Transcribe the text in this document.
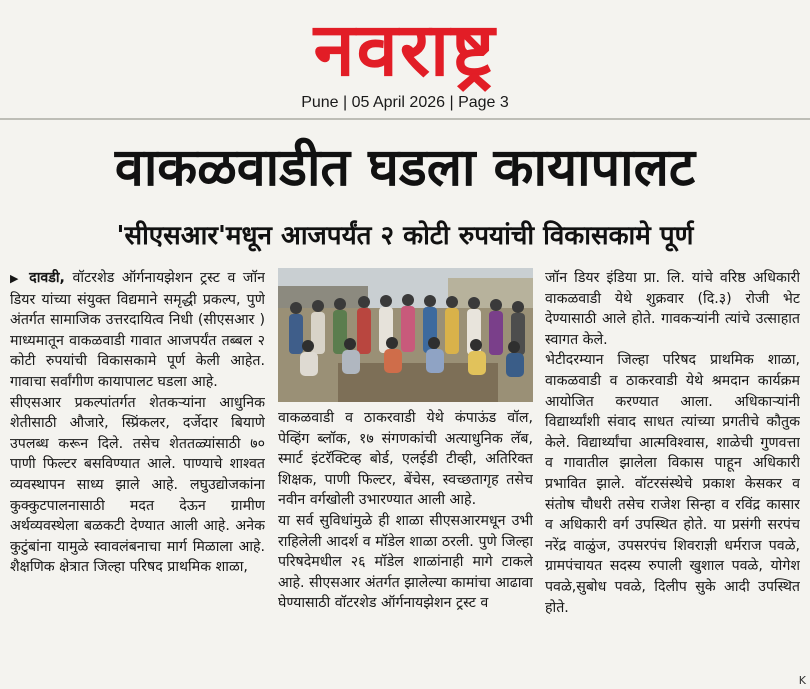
नवराष्ट्र
Pune | 05 April 2026 | Page 3
वाकळवाडीत घडला कायापालट
'सीएसआर'मधून आजपर्यंत २ कोटी रुपयांची विकासकामे पूर्ण

▶ दावडी, वॉटरशेड ऑर्गनायझेशन ट्रस्ट व जॉन डियर यांच्या संयुक्त विद्यमाने समृद्धी प्रकल्प, पुणे अंतर्गत सामाजिक उत्तरदायित्व निधी (सीएसआर ) माध्यमातून वाकळवाडी गावात आजपर्यंत तब्बल २ कोटी रुपयांची विकासकामे पूर्ण केली आहेत. गावाचा सर्वांगीण कायापालट घडला आहे.

सीएसआर प्रकल्पांतर्गत शेतकऱ्यांना आधुनिक शेतीसाठी औजारे, स्प्रिंकलर, दर्जेदार बियाणे उपलब्ध करून दिले. तसेच शेततळ्यांसाठी ७० पाणी फिल्टर बसविण्यात आले. पाण्याचे शाश्वत व्यवस्थापन साध्य झाले आहे. लघुउद्योजकांना कुक्कुटपालनासाठी मदत देऊन ग्रामीण अर्थव्यवस्थेला बळकटी देण्यात आली आहे. अनेक कुटुंबांना यामुळे स्वावलंबनाचा मार्ग मिळाला आहे. शैक्षणिक क्षेत्रात जिल्हा परिषद प्राथमिक शाळा,

वाकळवाडी व ठाकरवाडी येथे कंपाऊंड वॉल, पेव्हिंग ब्लॉक, १७ संगणकांची अत्याधुनिक लॅब, स्मार्ट इंटरॅक्टिव्ह बोर्ड, एलईडी टीव्ही, अतिरिक्त शिक्षक, पाणी फिल्टर, बेंचेस, स्वच्छतागृह तसेच नवीन वर्गखोली उभारण्यात आली आहे.

या सर्व सुविधांमुळे ही शाळा सीएसआरमधून उभी राहिलेली आदर्श व मॉडेल शाळा ठरली. पुणे जिल्हा परिषदेमधील २६ मॉडेल शाळांनाही मागे टाकले आहे. सीएसआर अंतर्गत झालेल्या कामांचा आढावा घेण्यासाठी वॉटरशेड ऑर्गनायझेशन ट्रस्ट व

जॉन डियर इंडिया प्रा. लि. यांचे वरिष्ठ अधिकारी वाकळवाडी येथे शुक्रवार (दि.३) रोजी भेट देण्यासाठी आले होते. गावकऱ्यांनी त्यांचे उत्साहात स्वागत केले.

भेटीदरम्यान जिल्हा परिषद प्राथमिक शाळा, वाकळवाडी व ठाकरवाडी येथे श्रमदान कार्यक्रम आयोजित करण्यात आला. अधिकाऱ्यांनी विद्यार्थ्यांशी संवाद साधत त्यांच्या प्रगतीचे कौतुक केले. विद्यार्थ्यांचा आत्मविश्वास, शाळेची गुणवत्ता व गावातील झालेला विकास पाहून अधिकारी प्रभावित झाले. वॉटरसंस्थेचे प्रकाश केसकर व संतोष चौधरी तसेच राजेश सिन्हा व रविंद्र कासार व अधिकारी वर्ग उपस्थित होते. या प्रसंगी सरपंच नरेंद्र वाळुंज, उपसरपंच शिवराज्ञी धर्मराज पवळे, ग्रामपंचायत सदस्य रुपाली खुशाल पवळे, योगेश पवळे,सुबोध पवळे, दिलीप सुके आदी उपस्थित होते.

K
